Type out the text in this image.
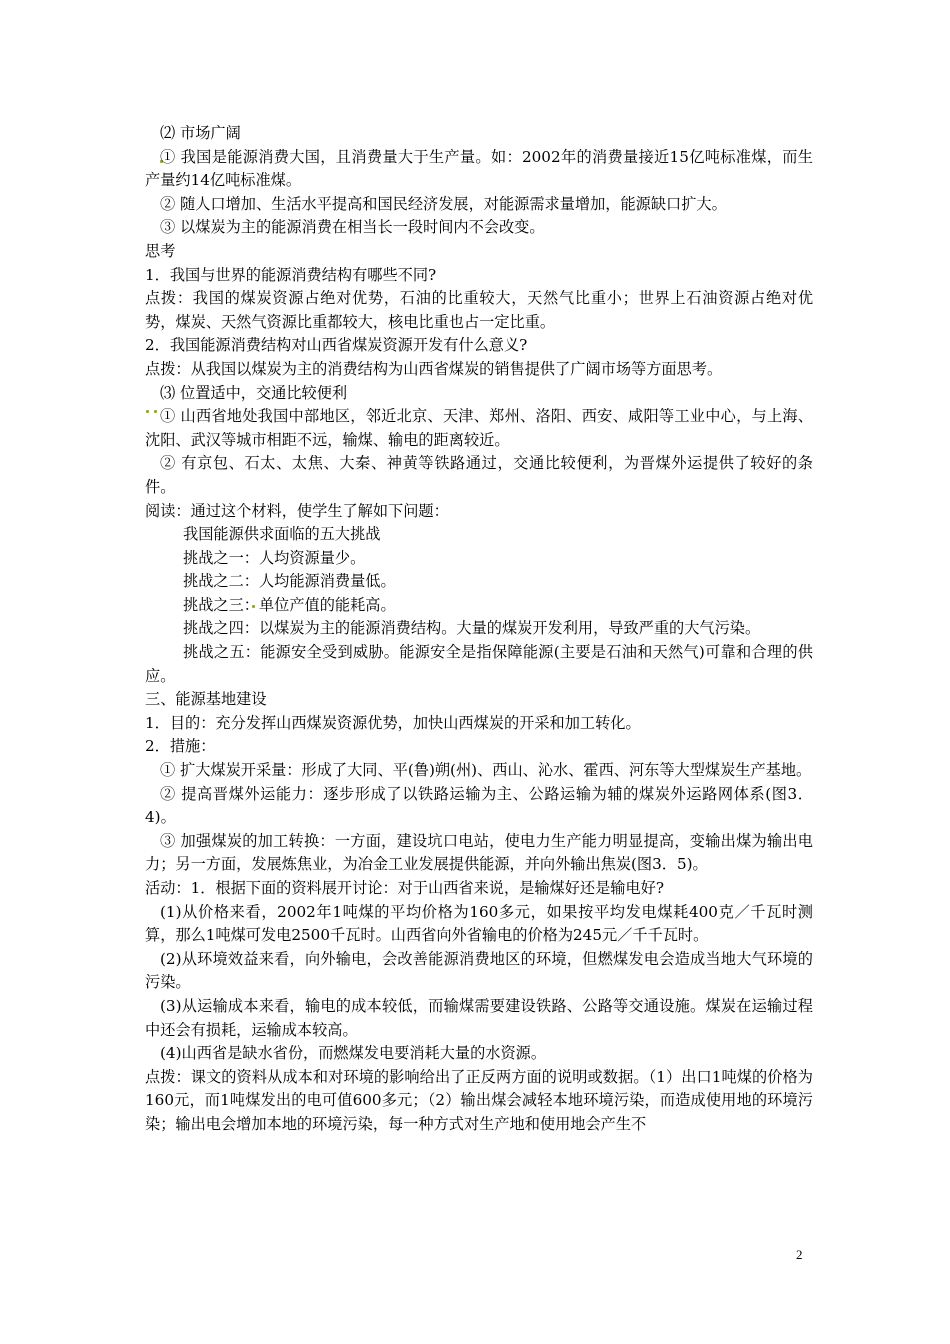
⑵ 市场广阔

① 我国是能源消费大国，且消费量大于生产量。如：2002年的消费量接近15亿吨标准煤，而生产量约14亿吨标准煤。

② 随人口增加、生活水平提高和国民经济发展，对能源需求量增加，能源缺口扩大。

③ 以煤炭为主的能源消费在相当长一段时间内不会改变。

思考

1．我国与世界的能源消费结构有哪些不同?

点拨：我国的煤炭资源占绝对优势，石油的比重较大，天然气比重小；世界上石油资源占绝对优势，煤炭、天然气资源比重都较大，核电比重也占一定比重。

2．我国能源消费结构对山西省煤炭资源开发有什么意义?

点拨：从我国以煤炭为主的消费结构为山西省煤炭的销售提供了广阔市场等方面思考。

⑶ 位置适中，交通比较便利

① 山西省地处我国中部地区，邻近北京、天津、郑州、洛阳、西安、咸阳等工业中心，与上海、沈阳、武汉等城市相距不远，输煤、输电的距离较近。

② 有京包、石太、太焦、大秦、神黄等铁路通过，交通比较便利，为晋煤外运提供了较好的条件。

阅读：通过这个材料，使学生了解如下问题：

我国能源供求面临的五大挑战

挑战之一：人均资源量少。

挑战之二：人均能源消费量低。

挑战之三：单位产值的能耗高。

挑战之四：以煤炭为主的能源消费结构。大量的煤炭开发利用，导致严重的大气污染。

挑战之五：能源安全受到威胁。能源安全是指保障能源(主要是石油和天然气)可靠和合理的供应。

三、能源基地建设

1．目的：充分发挥山西煤炭资源优势，加快山西煤炭的开采和加工转化。

2．措施：

① 扩大煤炭开采量：形成了大同、平(鲁)朔(州)、西山、沁水、霍西、河东等大型煤炭生产基地。

② 提高晋煤外运能力：逐步形成了以铁路运输为主、公路运输为辅的煤炭外运路网体系(图3．4)。

③ 加强煤炭的加工转换：一方面，建设坑口电站，使电力生产能力明显提高，变输出煤为输出电力；另一方面，发展炼焦业，为冶金工业发展提供能源，并向外输出焦炭(图3．5)。

活动：1．根据下面的资料展开讨论：对于山西省来说，是输煤好还是输电好?

(1)从价格来看，2002年1吨煤的平均价格为160多元，如果按平均发电煤耗400克／千瓦时测算，那么1吨煤可发电2500千瓦时。山西省向外省输电的价格为245元／千千瓦时。

(2)从环境效益来看，向外输电，会改善能源消费地区的环境，但燃煤发电会造成当地大气环境的污染。

(3)从运输成本来看，输电的成本较低，而输煤需要建设铁路、公路等交通设施。煤炭在运输过程中还会有损耗，运输成本较高。

(4)山西省是缺水省份，而燃煤发电要消耗大量的水资源。

点拨：课文的资料从成本和对环境的影响给出了正反两方面的说明或数据。（1）出口1吨煤的价格为160元，而1吨煤发出的电可值600多元；（2）输出煤会减轻本地环境污染，而造成使用地的环境污染；输出电会增加本地的环境污染，每一种方式对生产地和使用地会产生不

2
